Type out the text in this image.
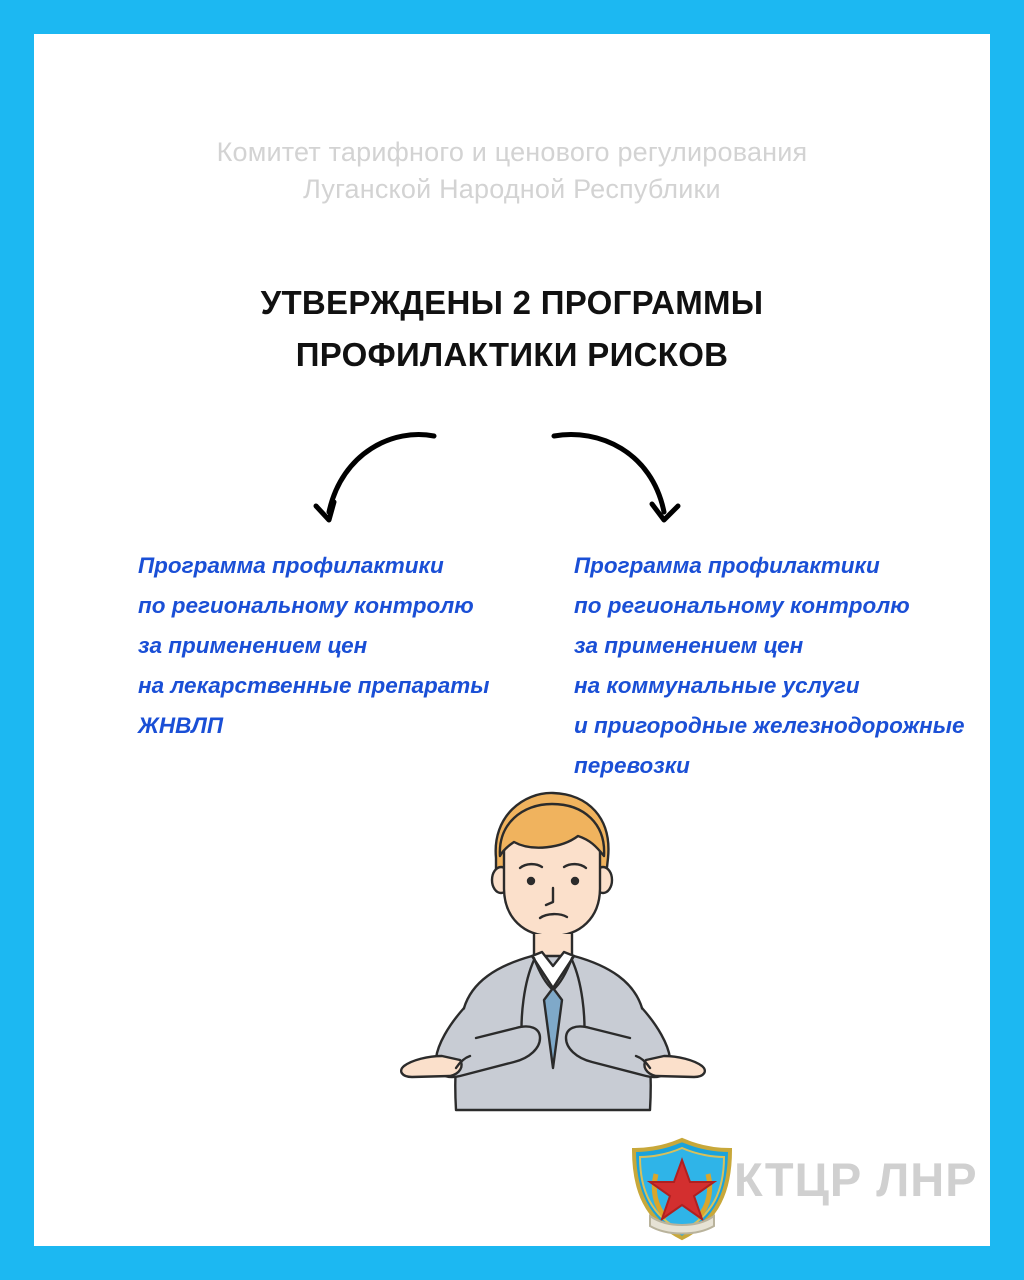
Комитет тарифного и ценового регулирования
Луганской Народной Республики
УТВЕРЖДЕНЫ 2 ПРОГРАММЫ
ПРОФИЛАКТИКИ РИСКОВ
Программа профилактики
по региональному контролю
за применением цен
на лекарственные препараты
ЖНВЛП
Программа профилактики
по региональному контролю
за применением цен
на коммунальные услуги
и пригородные железнодорожные
перевозки
КТЦР ЛНР
